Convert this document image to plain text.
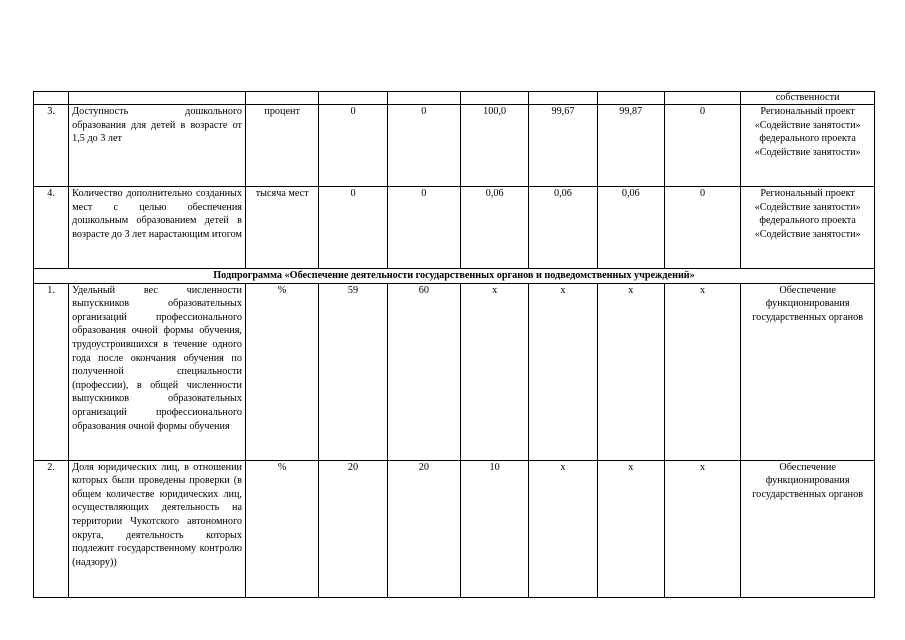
									собственности
3.	Доступность дошкольного образования для детей в возрасте от 1,5 до 3 лет	процент	0	0	100,0	99,67	99,87	0	Региональный проект «Содействие занятости» федерального проекта «Содействие занятости»
4.	Количество дополнительно созданных мест с целью обеспечения дошкольным образованием детей в возрасте до 3 лет нарастающим итогом	тысяча мест	0	0	0,06	0,06	0,06	0	Региональный проект «Содействие занятости» федерального проекта «Содействие занятости»
Подпрограмма «Обеспечение деятельности государственных органов и подведомственных учреждений»									
1.	Удельный вес численности выпускников образовательных организаций профессионального образования очной формы обучения, трудоустроившихся в течение одного года после окончания обучения по полученной специальности (профессии), в общей численности выпускников образовательных организаций профессионального образования очной формы обучения	%	59	60	х	х	х	х	Обеспечение функционирования государственных органов
2.	Доля юридических лиц, в отношении которых были проведены проверки (в общем количестве юридических лиц, осуществляющих деятельность на территории Чукотского автономного округа, деятельность которых подлежит государственному контролю (надзору))	%	20	20	10	х	х	х	Обеспечение функционирования государственных органов
